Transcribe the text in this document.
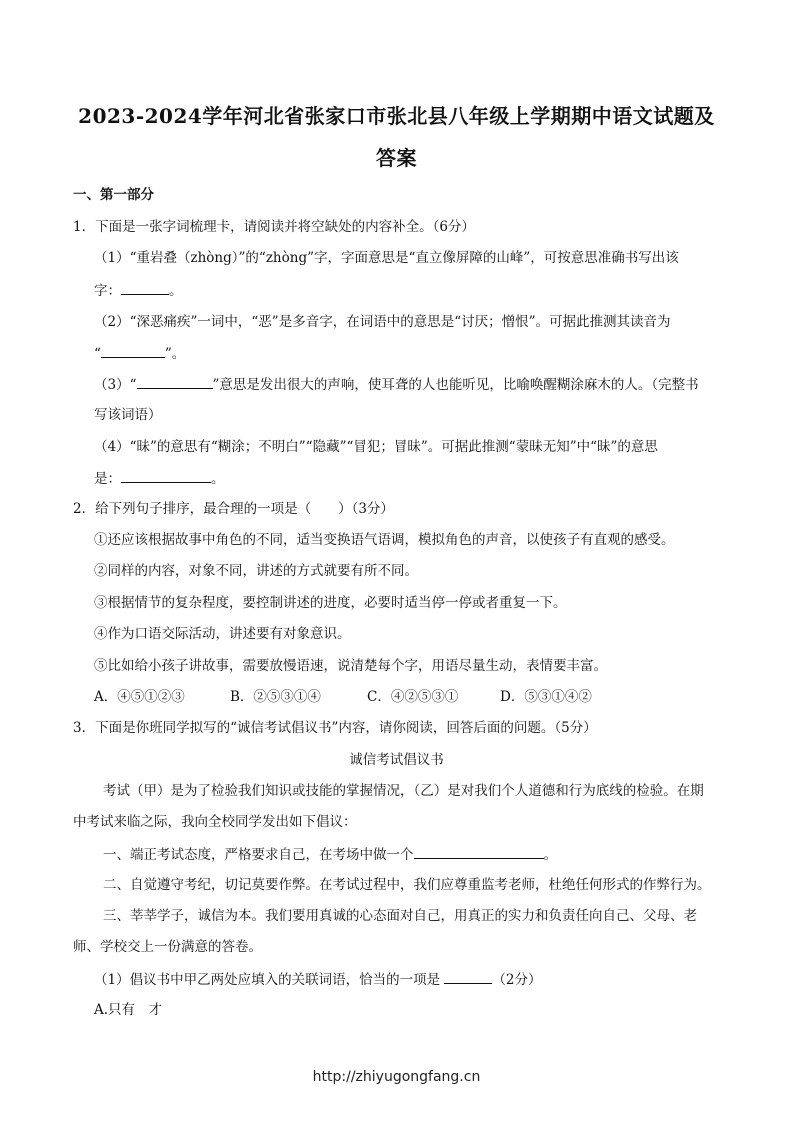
2023-2024学年河北省张家口市张北县八年级上学期期中语文试题及
答案
一、第一部分
1．下面是一张字词梳理卡，请阅读并将空缺处的内容补全。（6分）
（1）“重岩叠（zhòng）”的“zhòng”字，字面意思是“直立像屏障的山峰”，可按意思准确书写出该
字：	。
（2）“深恶痛疾”一词中，“恶”是多音字，在词语中的意思是“讨厌；憎恨”。可据此推测其读音为
“	”。
（3）“	”意思是发出很大的声响，使耳聋的人也能听见，比喻唤醒糊涂麻木的人。（完整书
写该词语）
（4）“昧”的意思有“糊涂；不明白”“隐藏”“冒犯；冒昧”。可据此推测“蒙昧无知”中“昧”的意思
是：	。
2．给下列句子排序，最合理的一项是（　　）（3分）
①还应该根据故事中角色的不同，适当变换语气语调，模拟角色的声音，以使孩子有直观的感受。
②同样的内容，对象不同，讲述的方式就要有所不同。
③根据情节的复杂程度，要控制讲述的进度，必要时适当停一停或者重复一下。
④作为口语交际活动，讲述要有对象意识。
⑤比如给小孩子讲故事，需要放慢语速，说清楚每个字，用语尽量生动，表情要丰富。
A．④⑤①②③	B．②⑤③①④	C．④②⑤③①	D．⑤③①④②
3．下面是你班同学拟写的“诚信考试倡议书”内容，请你阅读，回答后面的问题。（5分）
诚信考试倡议书
考试（甲）是为了检验我们知识或技能的掌握情况，（乙）是对我们个人道德和行为底线的检验。在期
中考试来临之际，我向全校同学发出如下倡议：
一、端正考试态度，严格要求自己，在考场中做一个	。
二、自觉遵守考纪，切记莫要作弊。在考试过程中，我们应尊重监考老师，杜绝任何形式的作弊行为。
三、莘莘学子，诚信为本。我们要用真诚的心态面对自己，用真正的实力和负责任向自己、父母、老
师、学校交上一份满意的答卷。
（1）倡议书中甲乙两处应填入的关联词语，恰当的一项是	（2分）
A.只有　才
http://zhiyugongfang.cn
